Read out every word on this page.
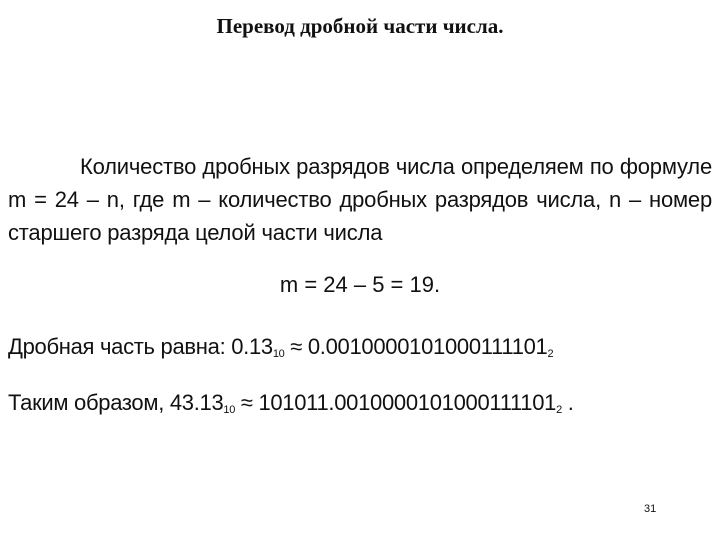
Перевод дробной части числа.
Количество дробных разрядов числа определяем по формуле m = 24 – n, где m – количество дробных разрядов числа, n – номер старшего разряда целой части числа
m = 24 – 5 = 19.
Дробная часть равна: $0.13_{10} \approx 0.0010000101000111101_2$
Таким образом, $43.13_{10} \approx 101011.0010000101000111101_2$ .
31
